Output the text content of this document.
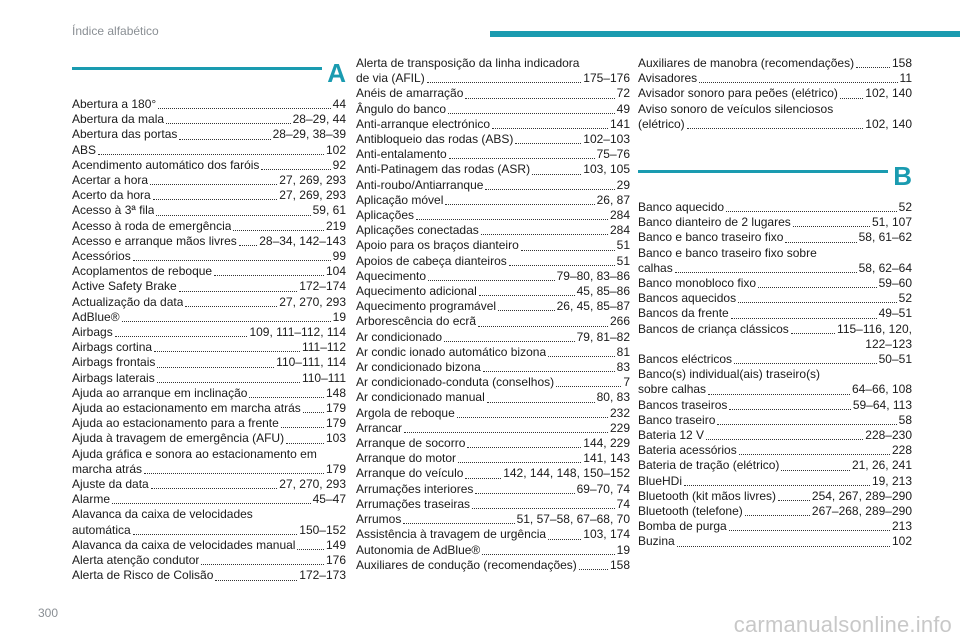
Índice alfabético
A
Abertura a 180°	44
Abertura da mala	28–29, 44
Abertura das portas	28–29, 38–39
ABS	102
Acendimento automático dos faróis	92
Acertar a hora	27, 269, 293
Acerto da hora	27, 269, 293
Acesso à 3ª fila	59, 61
Acesso à roda de emergência	219
Acesso e arranque mãos livres 28–34, 142–143
Acessórios	99
Acoplamentos de reboque	104
Active Safety Brake	172–174
Actualização da data	27, 270, 293
AdBlue®	19
Airbags	109, 111–112, 114
Airbags cortina	111–112
Airbags frontais	110–111, 114
Airbags laterais	110–111
Ajuda ao arranque em inclinação	148
Ajuda ao estacionamento em marcha atrás 179
Ajuda ao estacionamento para a frente	179
Ajuda à travagem de emergência (AFU)	103
Ajuda gráfica e sonora ao estacionamento em
marcha atrás	179
Ajuste da data	27, 270, 293
Alarme	45–47
Alavanca da caixa de velocidades
automática	150–152
Alavanca da caixa de velocidades manual	149
Alerta atenção condutor	176
Alerta de Risco de Colisão	172–173
Alerta de transposição da linha indicadora
de via (AFIL)	175–176
Anéis de amarração	72
Ângulo do banco	49
Anti-arranque electrónico	141
Antibloqueio das rodas (ABS)	102–103
Anti-entalamento	75–76
Anti-Patinagem das rodas (ASR)	103, 105
Anti-roubo/Antiarranque	29
Aplicação móvel	26, 87
Aplicações	284
Aplicações conectadas	284
Apoio para os braços dianteiro	51
Apoios de cabeça dianteiros	51
Aquecimento	79–80, 83–86
Aquecimento adicional	45, 85–86
Aquecimento programável	26, 45, 85–87
Arborescência do ecrã	266
Ar condicionado	79, 81–82
Ar condic ionado automático bizona	81
Ar condicionado bizona	83
Ar condicionado-conduta (conselhos)	7
Ar condicionado manual	80, 83
Argola de reboque	232
Arrancar	229
Arranque de socorro	144, 229
Arranque do motor	141, 143
Arranque do veículo	142, 144, 148, 150–152
Arrumações interiores	69–70, 74
Arrumações traseiras	74
Arrumos	51, 57–58, 67–68, 70
Assistência à travagem de urgência	103, 174
Autonomia de AdBlue®	19
Auxiliares de condução (recomendações)	158
Auxiliares de manobra (recomendações)	158
Avisadores	11
Avisador sonoro para peões (elétrico) 102, 140
Aviso sonoro de veículos silenciosos
(elétrico)	102, 140
B
Banco aquecido	52
Banco dianteiro de 2 lugares	51, 107
Banco e banco traseiro fixo	58, 61–62
Banco e banco traseiro fixo sobre
calhas	58, 62–64
Banco monobloco fixo	59–60
Bancos aquecidos	52
Bancos da frente	49–51
Bancos de criança clássicos	115–116, 120,
122–123
Bancos eléctricos	50–51
Banco(s) individual(ais) traseiro(s)
sobre calhas	64–66, 108
Bancos traseiros	59–64, 113
Banco traseiro	58
Bateria 12 V	228–230
Bateria acessórios	228
Bateria de tração (elétrico)	21, 26, 241
BlueHDi	19, 213
Bluetooth (kit mãos livres)	254, 267, 289–290
Bluetooth (telefone)	267–268, 289–290
Bomba de purga	213
Buzina	102
300	carmanualsonline.info
